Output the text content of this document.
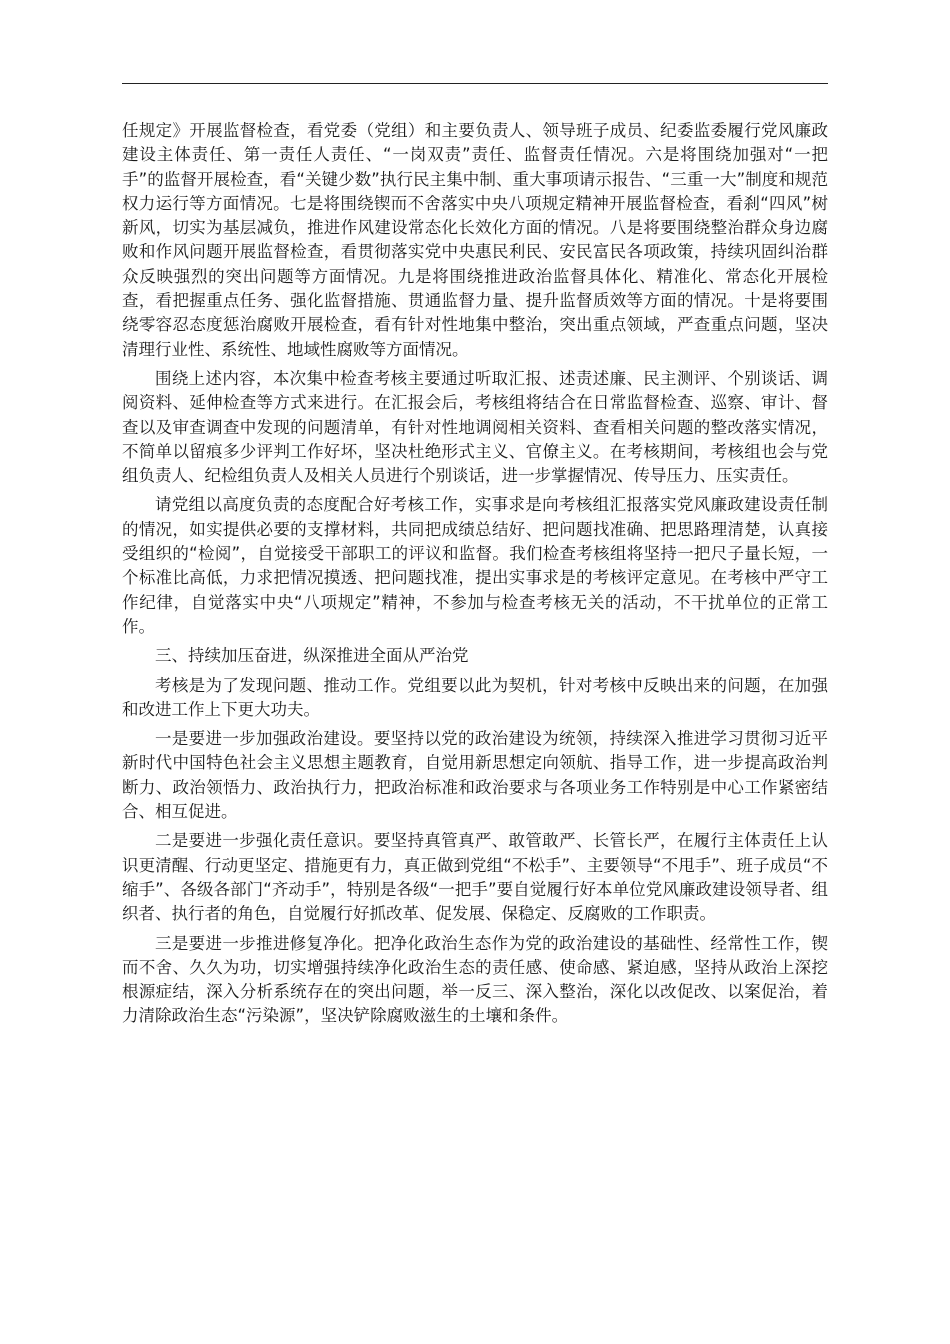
任规定》开展监督检查，看党委（党组）和主要负责人、领导班子成员、纪委监委履行党风廉政建设主体责任、第一责任人责任、“一岗双责”责任、监督责任情况。六是将围绕加强对“一把手”的监督开展检查，看“关键少数”执行民主集中制、重大事项请示报告、“三重一大”制度和规范权力运行等方面情况。七是将围绕锲而不舍落实中央八项规定精神开展监督检查，看刹“四风”树新风，切实为基层减负，推进作风建设常态化长效化方面的情况。八是将要围绕整治群众身边腐败和作风问题开展监督检查，看贯彻落实党中央惠民利民、安民富民各项政策，持续巩固纠治群众反映强烈的突出问题等方面情况。九是将围绕推进政治监督具体化、精准化、常态化开展检查，看把握重点任务、强化监督措施、贯通监督力量、提升监督质效等方面的情况。十是将要围绕零容忍态度惩治腐败开展检查，看有针对性地集中整治，突出重点领域，严查重点问题，坚决清理行业性、系统性、地域性腐败等方面情况。

围绕上述内容，本次集中检查考核主要通过听取汇报、述责述廉、民主测评、个别谈话、调阅资料、延伸检查等方式来进行。在汇报会后，考核组将结合在日常监督检查、巡察、审计、督查以及审查调查中发现的问题清单，有针对性地调阅相关资料、查看相关问题的整改落实情况，不简单以留痕多少评判工作好坏，坚决杜绝形式主义、官僚主义。在考核期间，考核组也会与党组负责人、纪检组负责人及相关人员进行个别谈话，进一步掌握情况、传导压力、压实责任。

请党组以高度负责的态度配合好考核工作，实事求是向考核组汇报落实党风廉政建设责任制的情况，如实提供必要的支撑材料，共同把成绩总结好、把问题找准确、把思路理清楚，认真接受组织的“检阅”，自觉接受干部职工的评议和监督。我们检查考核组将坚持一把尺子量长短，一个标准比高低，力求把情况摸透、把问题找准，提出实事求是的考核评定意见。在考核中严守工作纪律，自觉落实中央“八项规定”精神，不参加与检查考核无关的活动，不干扰单位的正常工作。

三、持续加压奋进，纵深推进全面从严治党

考核是为了发现问题、推动工作。党组要以此为契机，针对考核中反映出来的问题，在加强和改进工作上下更大功夫。

一是要进一步加强政治建设。要坚持以党的政治建设为统领，持续深入推进学习贯彻习近平新时代中国特色社会主义思想主题教育，自觉用新思想定向领航、指导工作，进一步提高政治判断力、政治领悟力、政治执行力，把政治标准和政治要求与各项业务工作特别是中心工作紧密结合、相互促进。

二是要进一步强化责任意识。要坚持真管真严、敢管敢严、长管长严，在履行主体责任上认识更清醒、行动更坚定、措施更有力，真正做到党组“不松手”、主要领导“不甩手”、班子成员“不缩手”、各级各部门“齐动手”，特别是各级“一把手”要自觉履行好本单位党风廉政建设领导者、组织者、执行者的角色，自觉履行好抓改革、促发展、保稳定、反腐败的工作职责。

三是要进一步推进修复净化。把净化政治生态作为党的政治建设的基础性、经常性工作，锲而不舍、久久为功，切实增强持续净化政治生态的责任感、使命感、紧迫感，坚持从政治上深挖根源症结，深入分析系统存在的突出问题，举一反三、深入整治，深化以改促改、以案促治，着力清除政治生态“污染源”，坚决铲除腐败滋生的土壤和条件。
